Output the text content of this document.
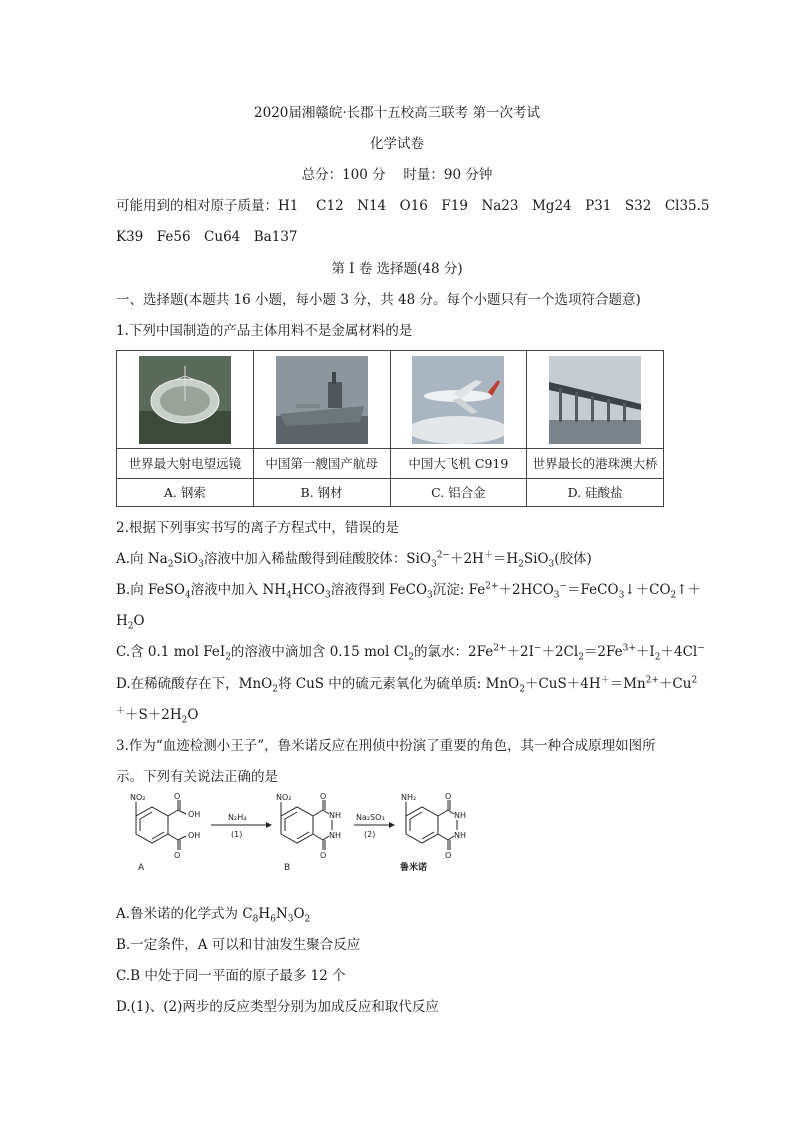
2020届湘赣皖·长郡十五校高三联考 第一次考试
化学试卷
总分：100 分　 时量：90 分钟
可能用到的相对原子质量：H1　 C12　N14　O16　F19　Na23　Mg24　P31　S32　Cl35.5
K39　Fe56　Cu64　Ba137
第 I 卷 选择题(48 分)
一、选择题(本题共 16 小题，每小题 3 分，共 48 分。每个小题只有一个选项符合题意)
1.下列中国制造的产品主体用料不是金属材料的是

世界最大射电望远镜	中国第一艘国产航母	中国大飞机 C919	世界最长的港珠澳大桥
A. 钢索	B. 钢材	C. 铝合金	D. 硅酸盐
2.根据下列事实书写的离子方程式中，错误的是
A.向 $Na_2SiO_3$溶液中加入稀盐酸得到硅酸胶体：$SiO_3^{2-}+2H^+=H_2SiO_3$(胶体)
B.向 FeSO$_4$溶液中加入 $NH_4HCO_3$溶液得到 FeCO$_3$沉淀: $Fe^{2+}+2HCO_3^-=FeCO_3↓+CO_2↑+$
$H_2O$
C.含 0.1 mol FeI$_2$的溶液中滴加含 0.15 mol $Cl_2$的氯水：$2Fe^{2+}+2I^-+2Cl_2=2Fe^{3+}+I_2+4Cl^-$
D.在稀硫酸存在下，MnO$_2$将 CuS 中的硫元素氧化为硫单质: $MnO_2+CuS+4H^+=Mn^{2+}+Cu^2$
$^++S+2H_2O$
3.作为“血迹检测小王子”，鲁米诺反应在刑侦中扮演了重要的角色，其一种合成原理如图所
示。下列有关说法正确的是
NO₂	O
OH
OH
O
A
N₂H₄
(1)
NO₂	O
NH
NH
O
B
Na₂SO₃
(2)
NH₂	O
NH
NH
O
鲁米诺
A.鲁米诺的化学式为 $C_8H_6N_3O_2$
B.一定条件，A 可以和甘油发生聚合反应
C.B 中处于同一平面的原子最多 12 个
D.(1)、(2)两步的反应类型分别为加成反应和取代反应
